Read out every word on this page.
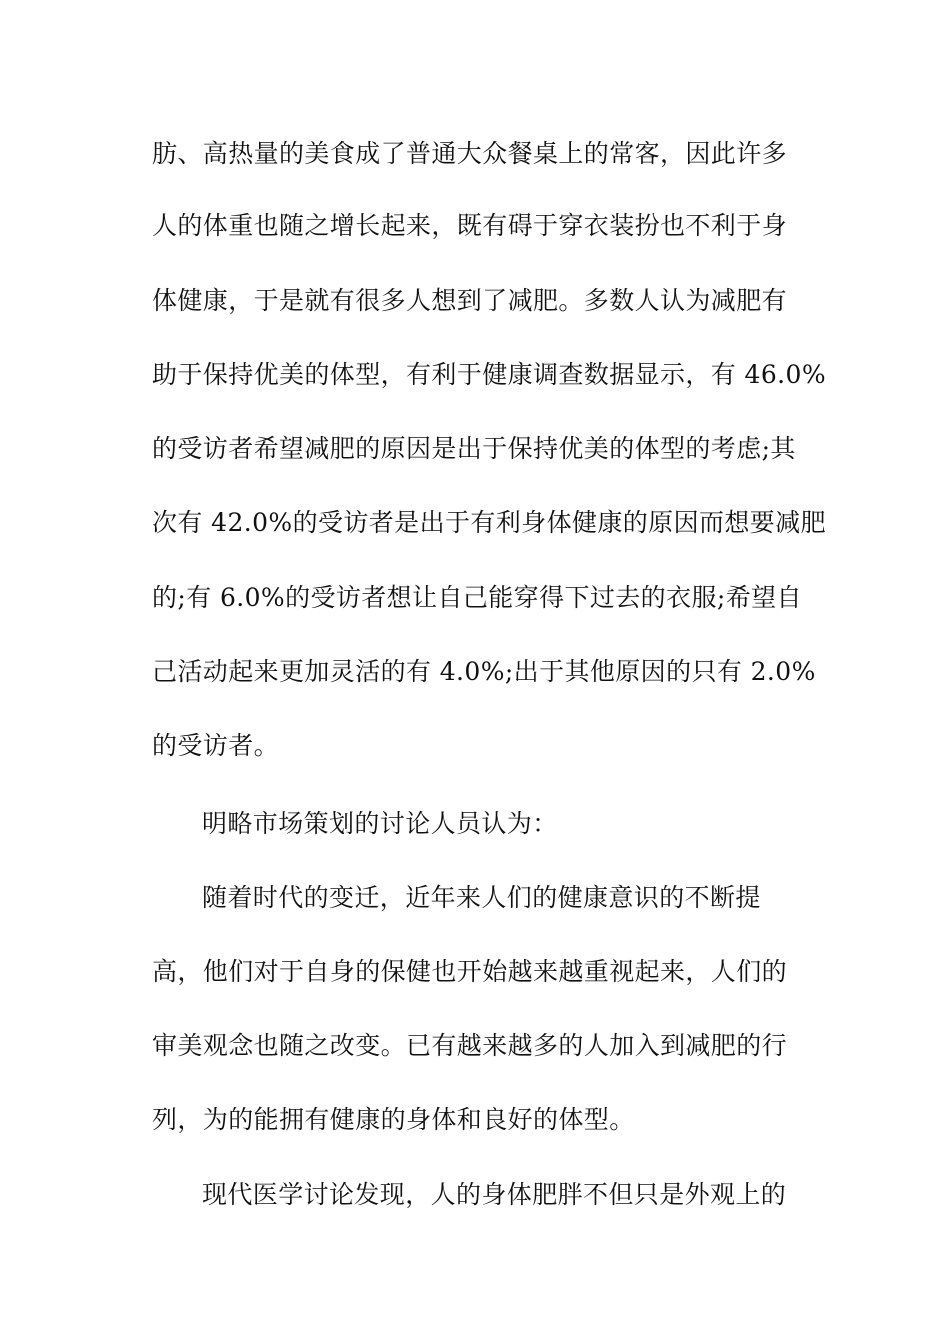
肪、高热量的美食成了普通大众餐桌上的常客，因此许多
人的体重也随之增长起来，既有碍于穿衣装扮也不利于身
体健康，于是就有很多人想到了减肥。多数人认为减肥有
助于保持优美的体型，有利于健康调查数据显示，有 46.0%
的受访者希望减肥的原因是出于保持优美的体型的考虑;其
次有 42.0%的受访者是出于有利身体健康的原因而想要减肥
的;有 6.0%的受访者想让自己能穿得下过去的衣服;希望自
己活动起来更加灵活的有 4.0%;出于其他原因的只有 2.0%
的受访者。
明略市场策划的讨论人员认为：
随着时代的变迁，近年来人们的健康意识的不断提
高，他们对于自身的保健也开始越来越重视起来，人们的
审美观念也随之改变。已有越来越多的人加入到减肥的行
列，为的能拥有健康的身体和良好的体型。
现代医学讨论发现，人的身体肥胖不但只是外观上的
